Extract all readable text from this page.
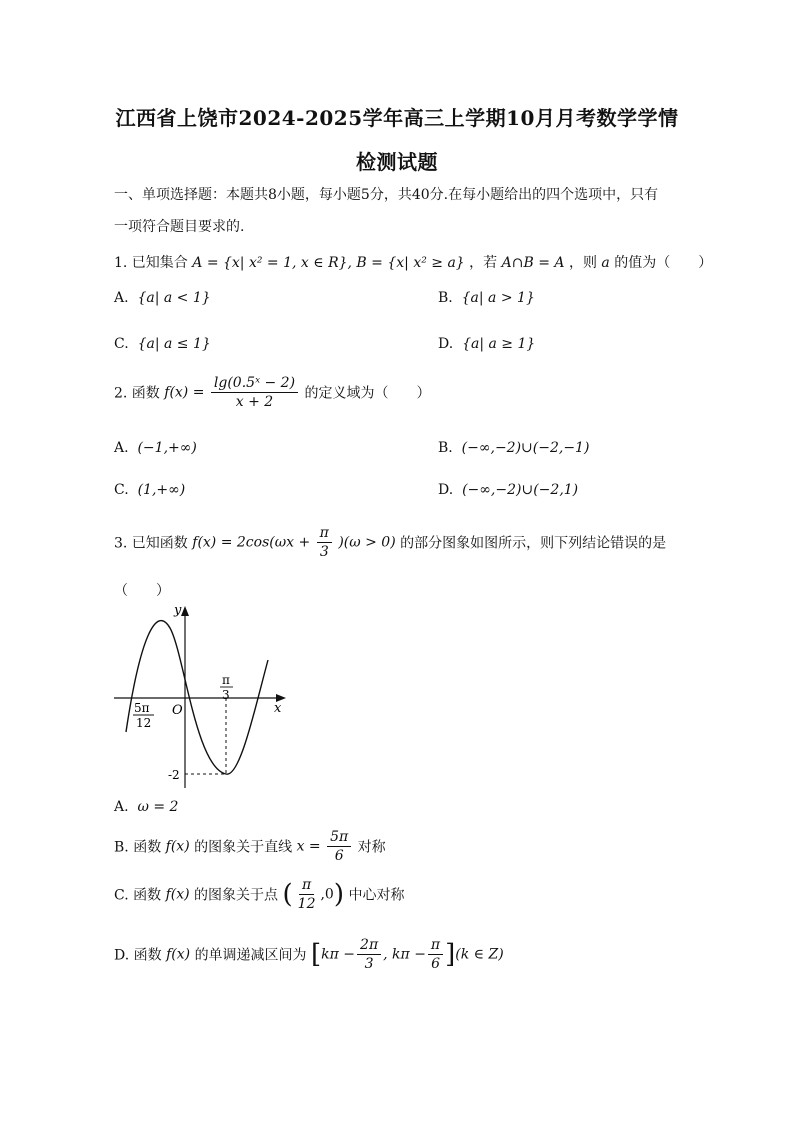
江西省上饶市2024-2025学年高三上学期10月月考数学学情
检测试题
一、单项选择题：本题共8小题，每小题5分，共40分.在每小题给出的四个选项中，只有
一项符合题目要求的.
1. 已知集合 A = {x| x² = 1, x ∈ R}, B = {x| x² ≥ a} ，若 A∩B = A ，则 a 的值为（　　）
A.  {a| a < 1}	B.  {a| a > 1}
C.  {a| a ≤ 1}	D.  {a| a ≥ 1}
2. 函数 $f(x) = \frac{\text{lg(0.5ˣ − 2)}}{x + 2}$ 的定义域为（　　）
A.  (−1,+∞)	B.  (−∞,−2)∪(−2,−1)
C.  (1,+∞)	D.  (−∞,−2)∪(−2,1)
3. 已知函数 $f(x) = 2\cos(\omega x + \frac{\pi}{3} )(\omega > 0)$ 的部分图象如图所示，则下列结论错误的是
（　　）
y
x
O
5π
12
π
3
-2
A. ω = 2
B. 函数 f(x) 的图象关于直线 $x = \frac{5\pi}{6}$ 对称
C. 函数 f(x) 的图象关于点 ( $\frac{\pi}{12} ,0$) 中心对称
D. 函数 f(x) 的单调递减区间为 [$k\pi - \frac{2\pi}{3}$ , $k\pi - \frac{\pi}{6} ](k$ ∈ Z)
